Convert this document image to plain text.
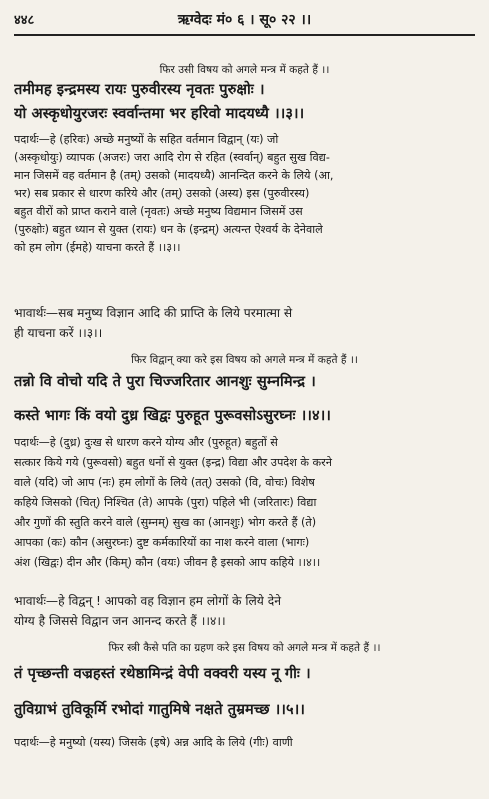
४४८	ऋग्वेदः मं० ६ । सू० २२ ।।
फिर उसी विषय को अगले मन्त्र में कहते हैं ।।
तमीमह इन्द्रमस्य रायः पुरुवीरस्य नृवतः पुरुक्षोः ।
यो अस्कृधोयुरजरः स्वर्वान्तमा भर हरिवो मादयध्यै ।।३।।
पदार्थः—हे (हरिवः) अच्छे मनुष्यों के सहित वर्तमान विद्वान् (यः) जो
(अस्कृधोयुः) व्यापक (अजरः) जरा आदि रोग से रहित (स्वर्वान्) बहुत सुख विद्य-
मान जिसमें वह वर्तमान है (तम्) उसको (मादयध्यै) आनन्दित करने के लिये (आ,
भर) सब प्रकार से धारण करिये और (तम्) उसको (अस्य) इस (पुरुवीरस्य)
बहुत वीरों को प्राप्त कराने वाले (नृवतः) अच्छे मनुष्य विद्यमान जिसमें उस
(पुरुक्षोः) बहुत ध्यान से युक्त (रायः) धन के (इन्द्रम्) अत्यन्त ऐश्वर्य के देनेवाले
को हम लोग (ईमहे) याचना करते हैं ।।३।।
भावार्थः—सब मनुष्य विज्ञान आदि की प्राप्ति के लिये परमात्मा से
ही याचना करें ।।३।।
फिर विद्वान् क्या करे इस विषय को अगले मन्त्र में कहते हैं ।।
तन्नो वि वोचो यदि ते पुरा चिज्जरितार आनशुः सुम्नमिन्द्र ।
कस्ते भागः किं वयो दुध्र खिद्वः पुरुहूत पुरूवसोऽसुरघ्नः ।।४।।
पदार्थः—हे (दुध्र) दुःख से धारण करने योग्य और (पुरुहूत) बहुतों से
सत्कार किये गये (पुरूवसो) बहुत धनों से युक्त (इन्द्र) विद्या और उपदेश के करने
वाले (यदि) जो आप (नः) हम लोगों के लिये (तत्) उसको (वि, वोचः) विशेष
कहिये जिसको (चित्) निश्चित (ते) आपके (पुरा) पहिले भी (जरितारः) विद्या
और गुणों की स्तुति करने वाले (सुम्नम्) सुख का (आनशुः) भोग करते हैं (ते)
आपका (कः) कौन (असुरघ्नः) दुष्ट कर्मकारियों का नाश करने वाला (भागः)
अंश (खिद्वः) दीन और (किम्) कौन (वयः) जीवन है इसको आप कहिये ।।४।।
भावार्थः—हे विद्वन् ! आपको वह विज्ञान हम लोगों के लिये देने
योग्य है जिससे विद्वान जन आनन्द करते हैं ।।४।।
फिर स्त्री कैसे पति का ग्रहण करे इस विषय को अगले मन्त्र में कहते हैं ।।
तं पृच्छन्ती वज्रहस्तं रथेष्ठामिन्द्रं वेपी वक्वरी यस्य नू गीः ।
तुविग्राभं तुविकूर्मि रभोदां गातुमिषे नक्षते तुम्रमच्छ ।।५।।
पदार्थः—हे मनुष्यो (यस्य) जिसके (इषे) अन्न आदि के लिये (गीः) वाणी
